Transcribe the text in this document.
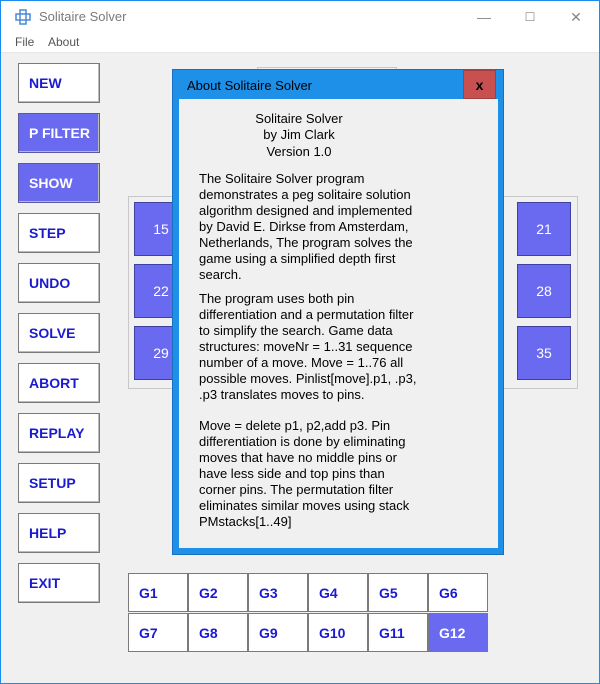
Solitaire Solver	—	☐	✕
File About
NEW
P FILTER
SHOW
STEP
UNDO
SOLVE
ABORT
REPLAY
SETUP
HELP
EXIT
15
22
29
21
28
35
G1	G2	G3	G4	G5	G6
G7	G8	G9	G10	G11	G12
About Solitaire Solver	x
Solitaire Solver
by Jim Clark
Version 1.0
The Solitaire Solver program
demonstrates a peg solitaire solution
algorithm designed and implemented
by David E. Dirkse from Amsterdam,
Netherlands, The program solves the
game using a simplified depth first
search.
The program uses both pin
differentiation and a permutation filter
to simplify the search. Game data
structures: moveNr = 1..31 sequence
number of a move. Move = 1..76 all
possible moves. Pinlist[move].p1, .p3,
.p3 translates moves to pins.
Move = delete p1, p2,add p3. Pin
differentiation is done by eliminating
moves that have no middle pins or
have less side and top pins than
corner pins. The permutation filter
eliminates similar moves using stack
PMstacks[1..49]
